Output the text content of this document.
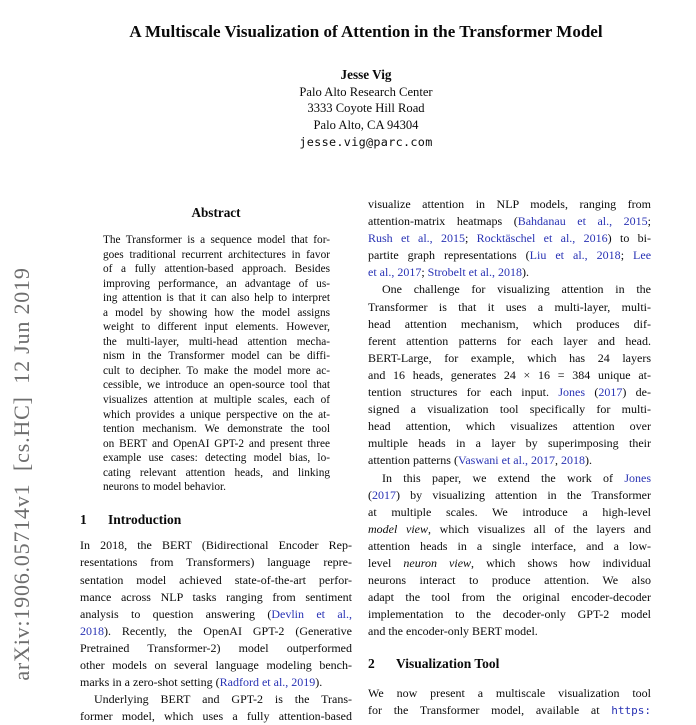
arXiv:1906.05714v1  [cs.HC]  12 Jun 2019
A Multiscale Visualization of Attention in the Transformer Model
Jesse Vig
Palo Alto Research Center
3333 Coyote Hill Road
Palo Alto, CA 94304
jesse.vig@parc.com
Abstract
The Transformer is a sequence model that for-
goes traditional recurrent architectures in favor
of a fully attention-based approach. Besides
improving performance, an advantage of us-
ing attention is that it can also help to interpret
a model by showing how the model assigns
weight to different input elements. However,
the multi-layer, multi-head attention mecha-
nism in the Transformer model can be diffi-
cult to decipher. To make the model more ac-
cessible, we introduce an open-source tool that
visualizes attention at multiple scales, each of
which provides a unique perspective on the at-
tention mechanism. We demonstrate the tool
on BERT and OpenAI GPT-2 and present three
example use cases: detecting model bias, lo-
cating relevant attention heads, and linking
neurons to model behavior.
1 Introduction
In 2018, the BERT (Bidirectional Encoder Rep-
resentations from Transformers) language repre-
sentation model achieved state-of-the-art perfor-
mance across NLP tasks ranging from sentiment
analysis to question answering (Devlin et al.,
2018). Recently, the OpenAI GPT-2 (Generative
Pretrained Transformer-2) model outperformed
other models on several language modeling bench-
marks in a zero-shot setting (Radford et al., 2019).
Underlying BERT and GPT-2 is the Trans-
former model, which uses a fully attention-based
visualize attention in NLP models, ranging from
attention-matrix heatmaps (Bahdanau et al., 2015;
Rush et al., 2015; Rocktäschel et al., 2016) to bi-
partite graph representations (Liu et al., 2018; Lee
et al., 2017; Strobelt et al., 2018).
One challenge for visualizing attention in the
Transformer is that it uses a multi-layer, multi-
head attention mechanism, which produces dif-
ferent attention patterns for each layer and head.
BERT-Large, for example, which has 24 layers
and 16 heads, generates 24 × 16 = 384 unique at-
tention structures for each input. Jones (2017) de-
signed a visualization tool specifically for multi-
head attention, which visualizes attention over
multiple heads in a layer by superimposing their
attention patterns (Vaswani et al., 2017, 2018).
In this paper, we extend the work of Jones
(2017) by visualizing attention in the Transformer
at multiple scales. We introduce a high-level
model view, which visualizes all of the layers and
attention heads in a single interface, and a low-
level neuron view, which shows how individual
neurons interact to produce attention. We also
adapt the tool from the original encoder-decoder
implementation to the decoder-only GPT-2 model
and the encoder-only BERT model.
2 Visualization Tool
We now present a multiscale visualization tool
for the Transformer model, available at https:
